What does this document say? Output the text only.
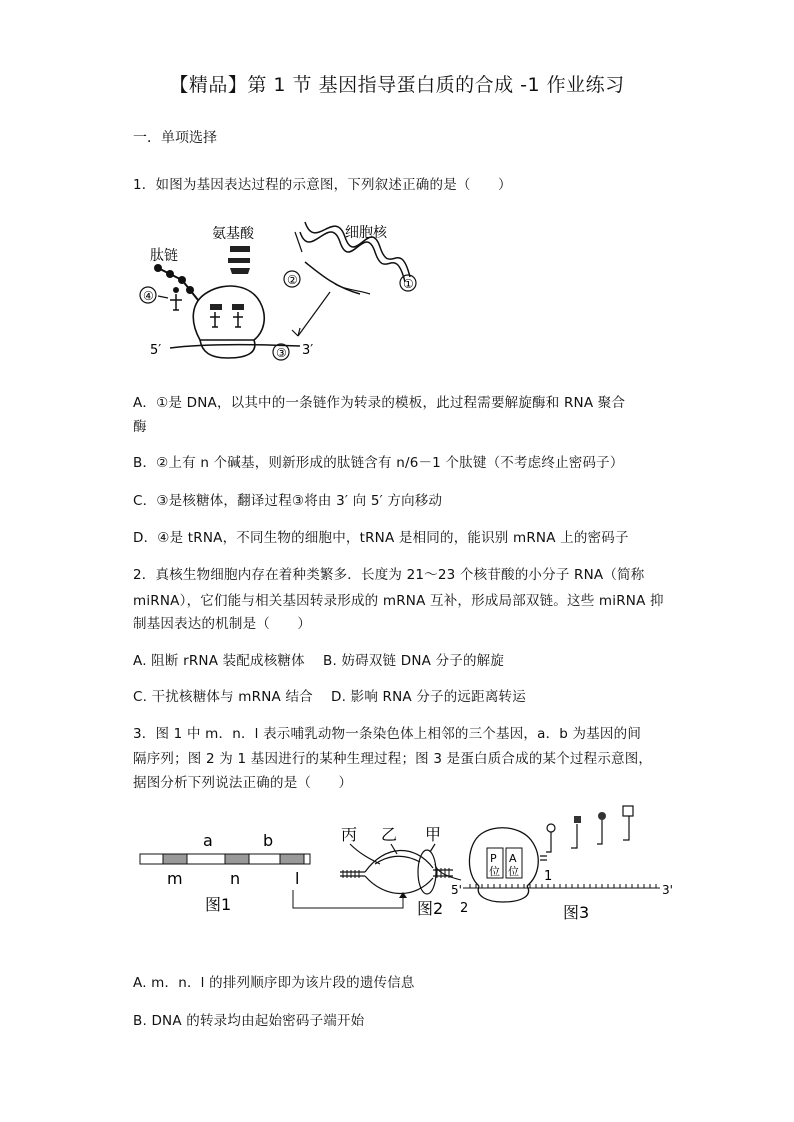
【精品】第 1 节 基因指导蛋白质的合成 -1 作业练习
一．单项选择
1．如图为基因表达过程的示意图，下列叙述正确的是（　　）
氨基酸	细胞核
肽链
④
5′	3′
③
②	①
A．①是 DNA，以其中的一条链作为转录的模板，此过程需要解旋酶和 RNA 聚合
酶
B．②上有 n 个碱基，则新形成的肽链含有 n/6－1 个肽键（不考虑终止密码子）
C．③是核糖体，翻译过程③将由 3′ 向 5′ 方向移动
D．④是 tRNA，不同生物的细胞中，tRNA 是相同的，能识别 mRNA 上的密码子
2．真核生物细胞内存在着种类繁多．长度为 21～23 个核苷酸的小分子 RNA（简称
miRNA），它们能与相关基因转录形成的 mRNA 互补，形成局部双链。这些 miRNA 抑
制基因表达的机制是（　　）
A. 阻断 rRNA 装配成核糖体　 B. 妨碍双链 DNA 分子的解旋
C. 干扰核糖体与 mRNA 结合　 D. 影响 RNA 分子的远距离转运
3．图 1 中 m．n．l 表示哺乳动物一条染色体上相邻的三个基因，a．b 为基因的间
隔序列；图 2 为 1 基因进行的某种生理过程；图 3 是蛋白质合成的某个过程示意图，
据图分析下列说法正确的是（　　）
a	b
m	n	l
图1
丙 乙 甲
图2
P
位
A
位
5'	3'
2
1
图3
A. m．n．l 的排列顺序即为该片段的遗传信息
B. DNA 的转录均由起始密码子端开始
